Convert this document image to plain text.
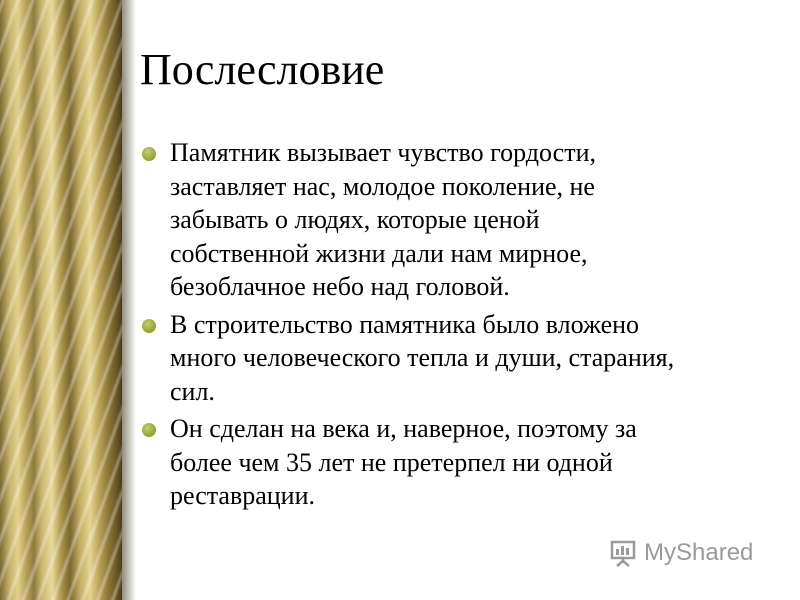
Послесловие
Памятник вызывает чувство гордости,
заставляет нас, молодое поколение, не
забывать о людях, которые ценой
собственной жизни дали нам мирное,
безоблачное небо над головой.
В строительство памятника было вложено
много человеческого тепла и души, старания,
сил.
Он сделан на века и, наверное, поэтому за
более чем 35 лет не претерпел ни одной
реставрации.
MyShared
